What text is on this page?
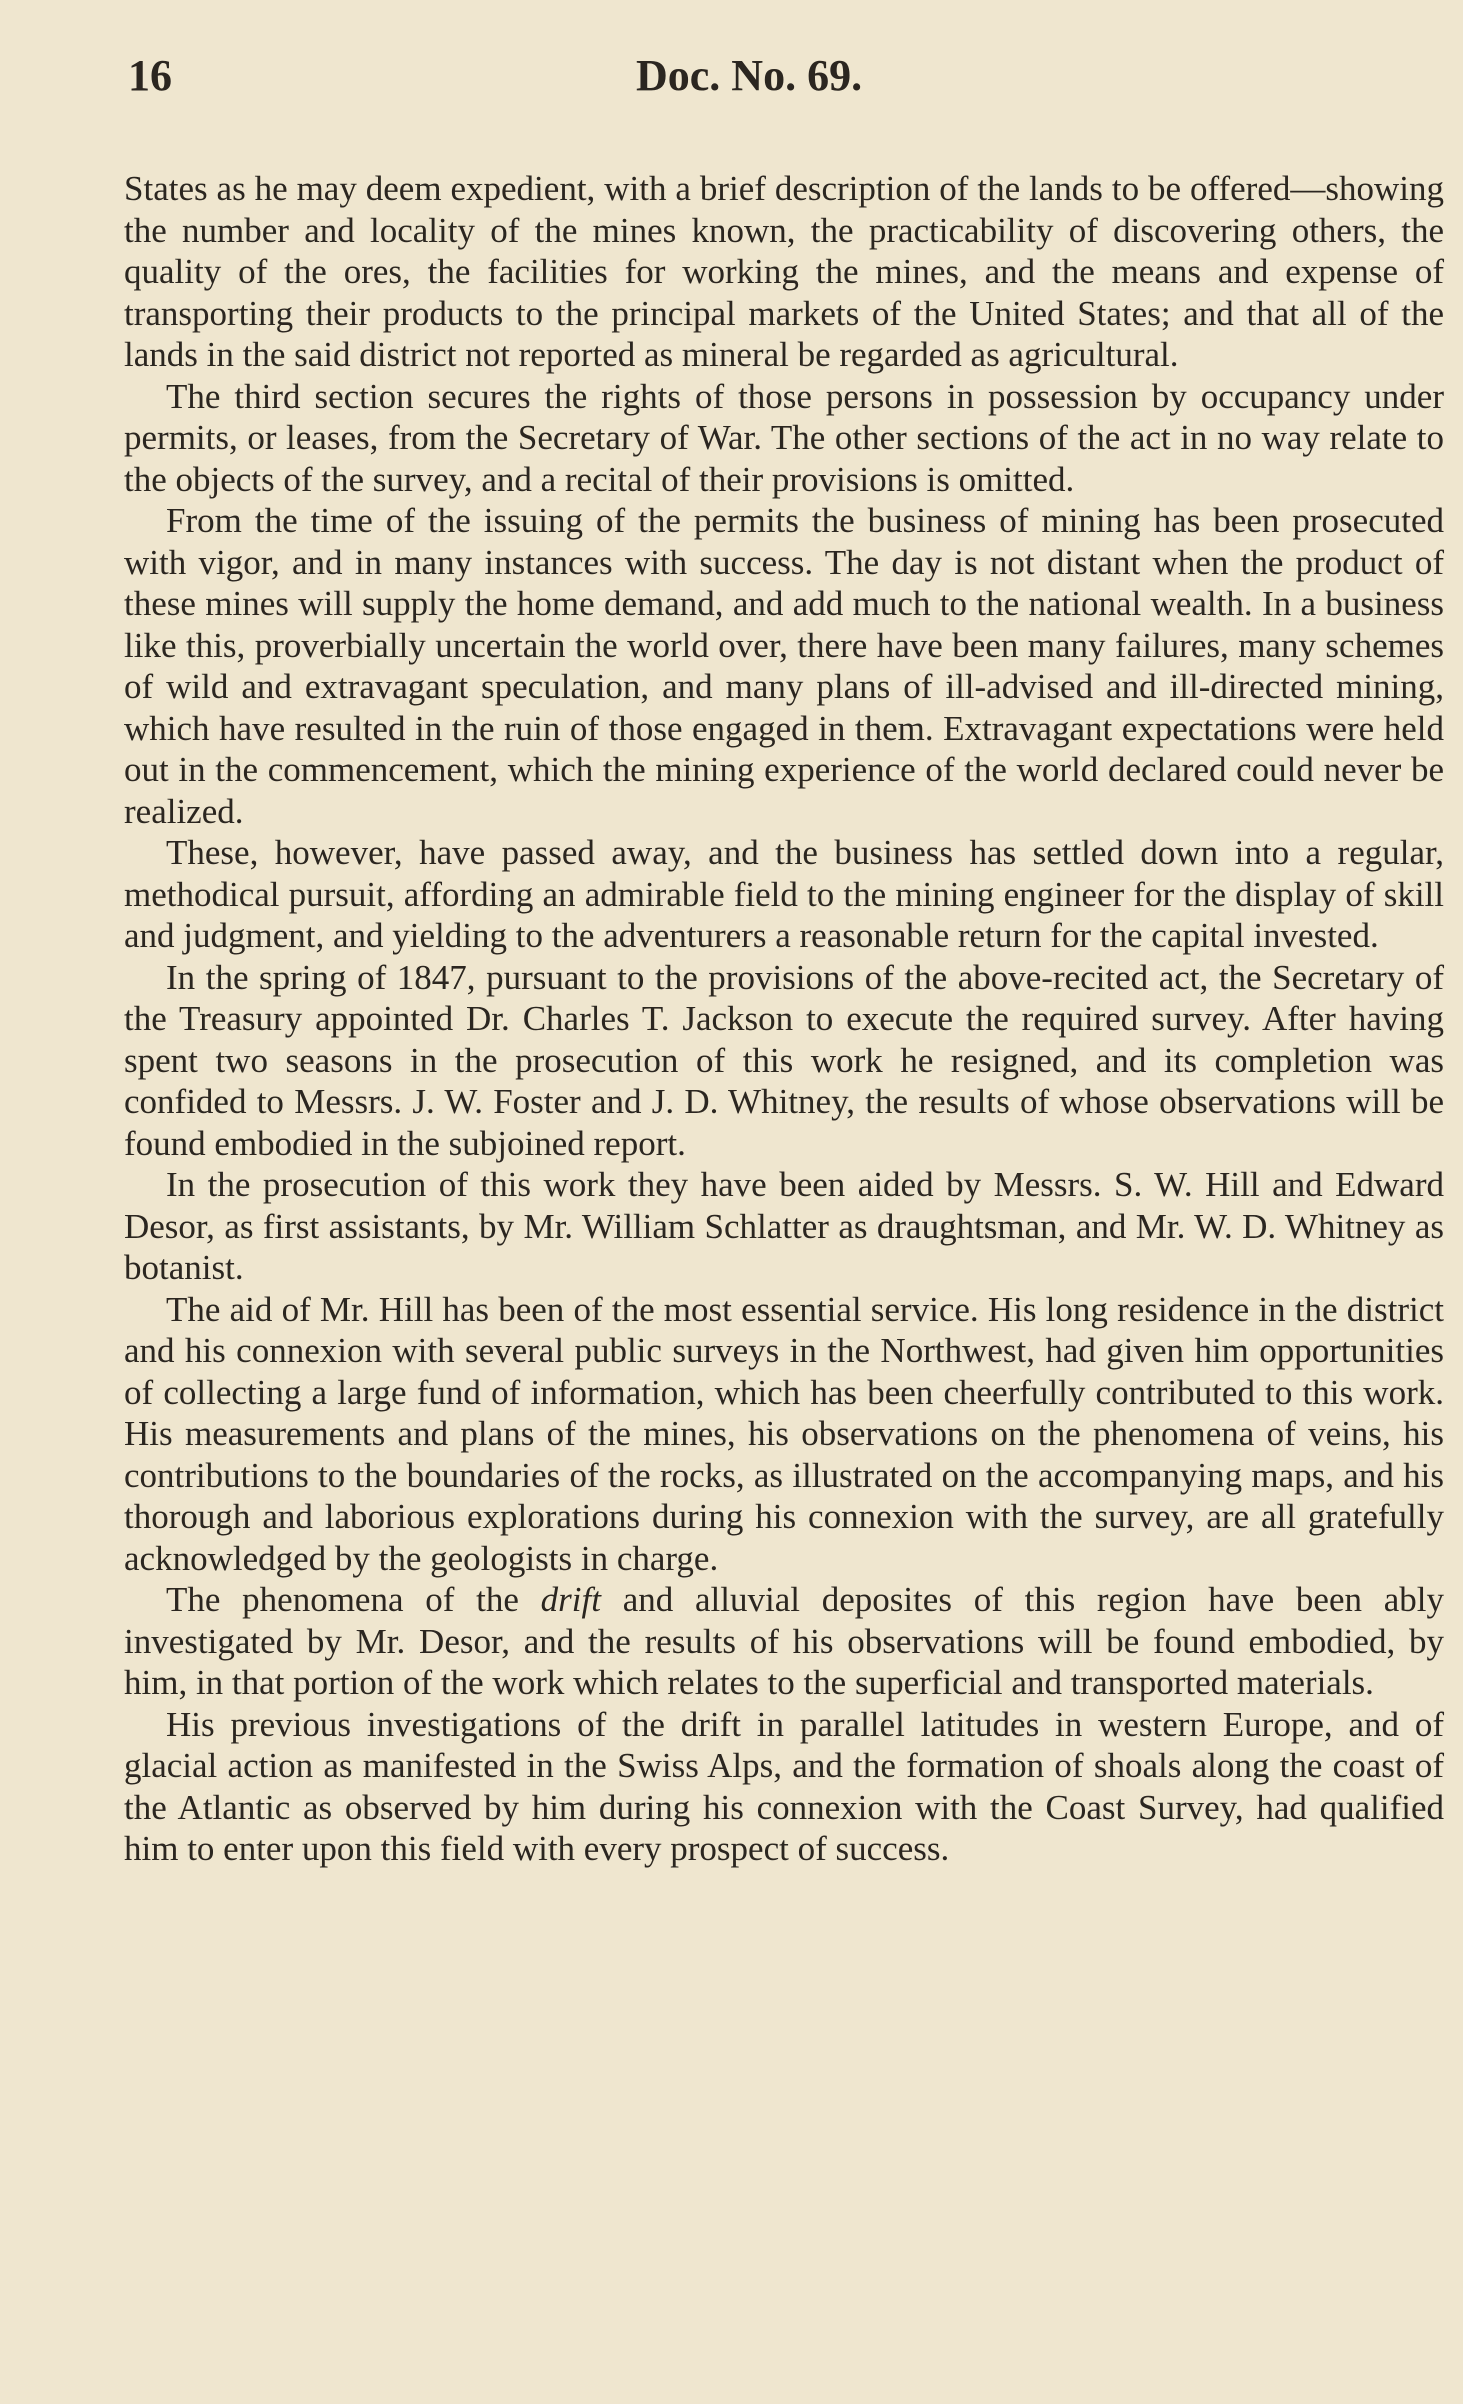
16	Doc. No. 69.

States as he may deem expedient, with a brief description of the lands to be offered—showing the number and locality of the mines known, the practicability of discovering others, the quality of the ores, the facilities for working the mines, and the means and expense of transporting their products to the principal markets of the United States; and that all of the lands in the said district not reported as mineral be regarded as agricultural.

The third section secures the rights of those persons in possession by occupancy under permits, or leases, from the Secretary of War. The other sections of the act in no way relate to the objects of the survey, and a recital of their provisions is omitted.

From the time of the issuing of the permits the business of mining has been prosecuted with vigor, and in many instances with success. The day is not distant when the product of these mines will supply the home demand, and add much to the national wealth. In a business like this, proverbially uncertain the world over, there have been many failures, many schemes of wild and extravagant speculation, and many plans of ill-advised and ill-directed mining, which have resulted in the ruin of those engaged in them. Extravagant expectations were held out in the commencement, which the mining experience of the world declared could never be realized.

These, however, have passed away, and the business has settled down into a regular, methodical pursuit, affording an admirable field to the mining engineer for the display of skill and judgment, and yielding to the adventurers a reasonable return for the capital invested.

In the spring of 1847, pursuant to the provisions of the above-recited act, the Secretary of the Treasury appointed Dr. Charles T. Jackson to execute the required survey. After having spent two seasons in the prosecution of this work he resigned, and its completion was confided to Messrs. J. W. Foster and J. D. Whitney, the results of whose observations will be found embodied in the subjoined report.

In the prosecution of this work they have been aided by Messrs. S. W. Hill and Edward Desor, as first assistants, by Mr. William Schlatter as draughtsman, and Mr. W. D. Whitney as botanist.

The aid of Mr. Hill has been of the most essential service. His long residence in the district and his connexion with several public surveys in the Northwest, had given him opportunities of collecting a large fund of information, which has been cheerfully contributed to this work. His measurements and plans of the mines, his observations on the phenomena of veins, his contributions to the boundaries of the rocks, as illustrated on the accompanying maps, and his thorough and laborious explorations during his connexion with the survey, are all gratefully acknowledged by the geologists in charge.

The phenomena of the drift and alluvial deposites of this region have been ably investigated by Mr. Desor, and the results of his observations will be found embodied, by him, in that portion of the work which relates to the superficial and transported materials.

His previous investigations of the drift in parallel latitudes in western Europe, and of glacial action as manifested in the Swiss Alps, and the formation of shoals along the coast of the Atlantic as observed by him during his connexion with the Coast Survey, had qualified him to enter upon this field with every prospect of success.
